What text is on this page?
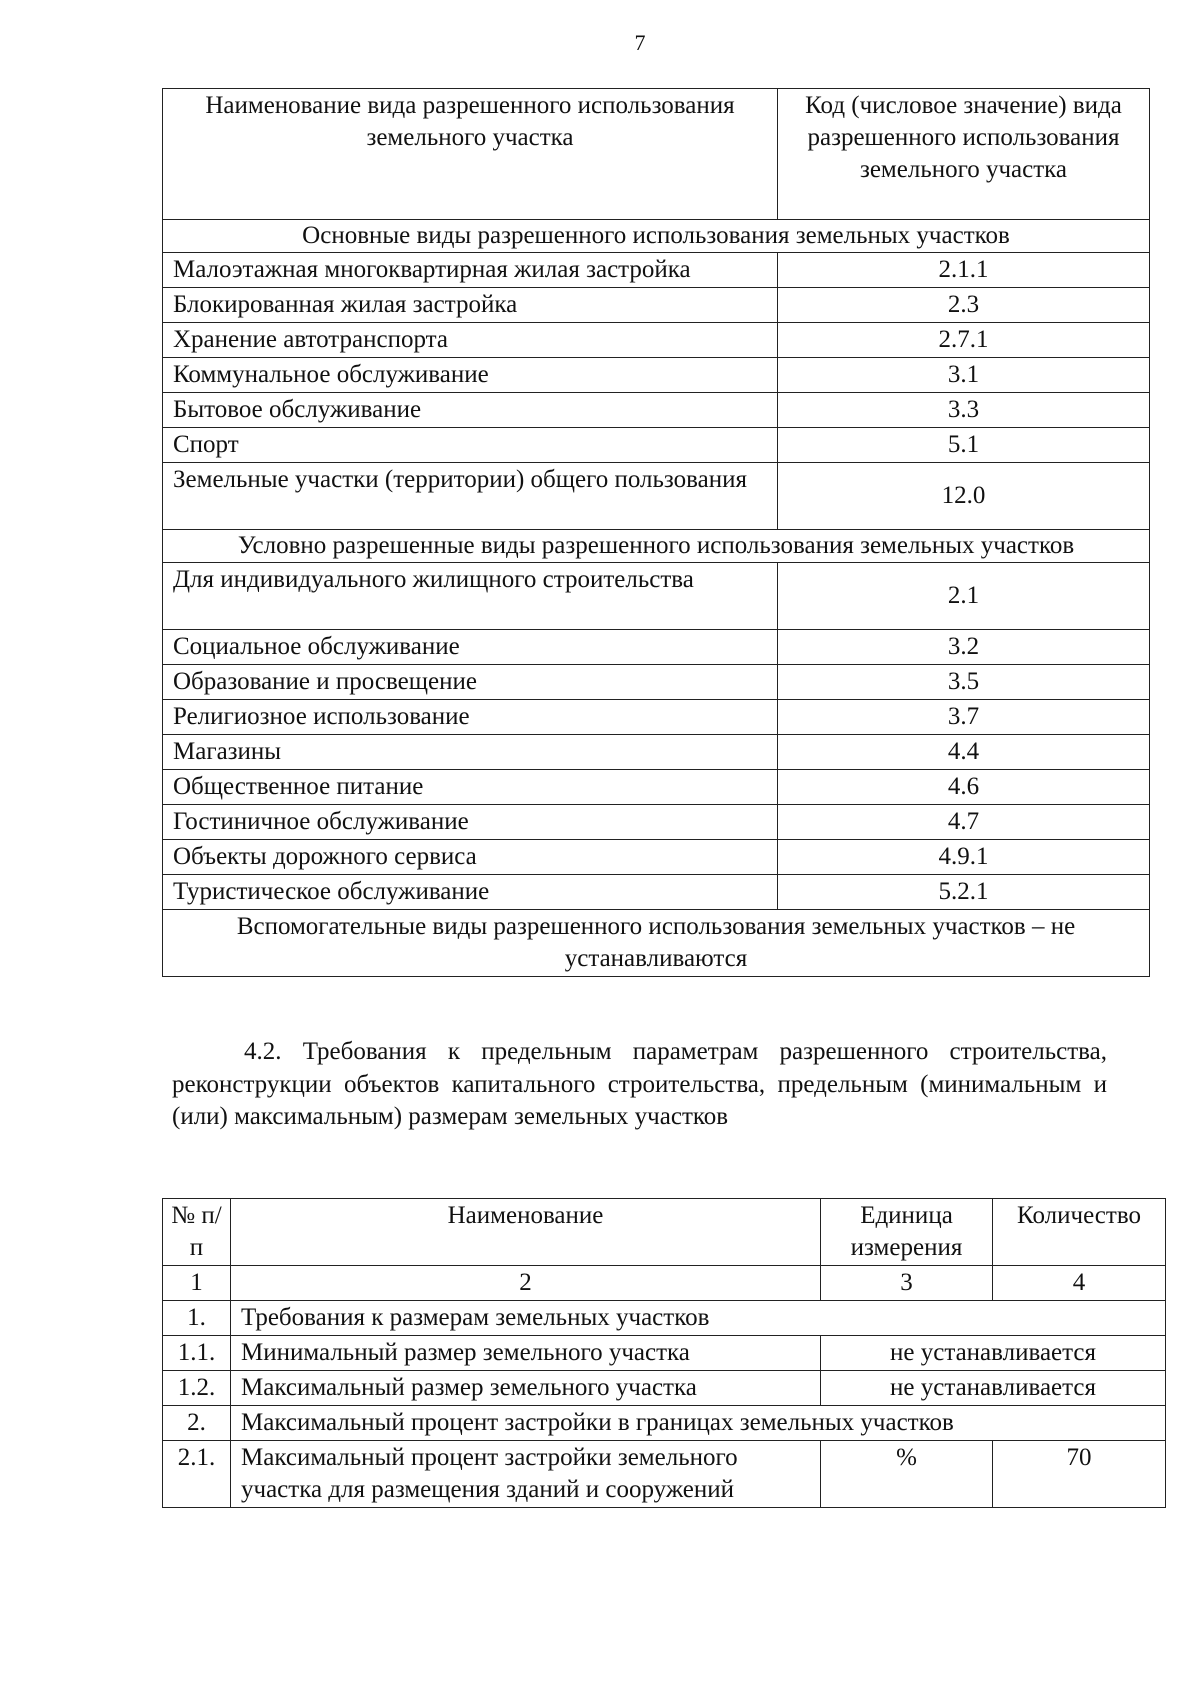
7
Наименование вида разрешенного использования земельного участка	Код (числовое значение) вида разрешенного использования земельного участка
Основные виды разрешенного использования земельных участков	
Малоэтажная многоквартирная жилая застройка	2.1.1
Блокированная жилая застройка	2.3
Хранение автотранспорта	2.7.1
Коммунальное обслуживание	3.1
Бытовое обслуживание	3.3
Спорт	5.1
Земельные участки (территории) общего пользования	12.0
Условно разрешенные виды разрешенного использования земельных участков	
Для индивидуального жилищного строительства	2.1
Социальное обслуживание	3.2
Образование и просвещение	3.5
Религиозное использование	3.7
Магазины	4.4
Общественное питание	4.6
Гостиничное обслуживание	4.7
Объекты дорожного сервиса	4.9.1
Туристическое обслуживание	5.2.1
Вспомогательные виды разрешенного использования земельных участков – не устанавливаются	
4.2. Требования к предельным параметрам разрешенного строительства, реконструкции объектов капитального строительства, предельным (минимальным и (или) максимальным) размерам земельных участков
№ п/п	Наименование	Единица измерения	Количество
1	2	3	4
1.	Требования к размерам земельных участков		
1.1.	Минимальный размер земельного участка	не устанавливается	
1.2.	Максимальный размер земельного участка	не устанавливается	
2.	Максимальный процент застройки в границах земельных участков		
2.1.	Максимальный процент застройки земельного участка для размещения зданий и сооружений	%	70
